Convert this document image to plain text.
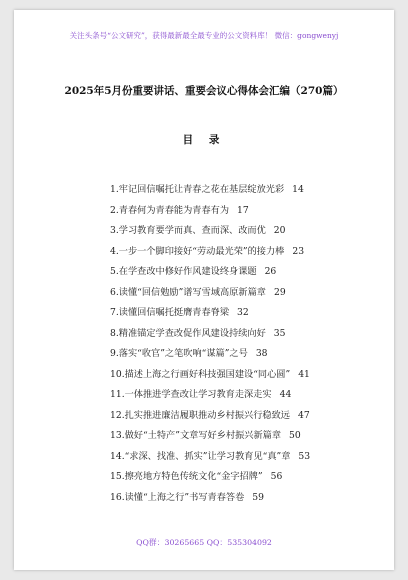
关注头条号“公文研究”，获得最新最全最专业的公文资料库！ 微信：gongwenyj
2025年5月份重要讲话、重要会议心得体会汇编（270篇）
目 录
1.牢记回信嘱托让青春之花在基层绽放光彩 14
2.青春何为青春能为青春有为 17
3.学习教育要学而真、查而深、改而优 20
4.一步一个脚印接好“劳动最光荣”的接力棒 23
5.在学查改中修好作风建设终身课题 26
6.读懂“回信勉励”谱写雪域高原新篇章 29
7.读懂回信嘱托挺膺青春脊梁 32
8.精准锚定学查改促作风建设持续向好 35
9.落实“收官”之笔吹响“谋篇”之号 38
10.描述上海之行画好科技强国建设“同心圆” 41
11.一体推进学查改让学习教育走深走实 44
12.扎实推进廉洁履职推动乡村振兴行稳致远 47
13.做好“土特产”文章写好乡村振兴新篇章 50
14.“求深、找准、抓实”让学习教育见“真”章 53
15.擦亮地方特色传统文化“金字招牌” 56
16.读懂“上海之行”书写青春答卷 59
QQ群：30265665 QQ：535304092
